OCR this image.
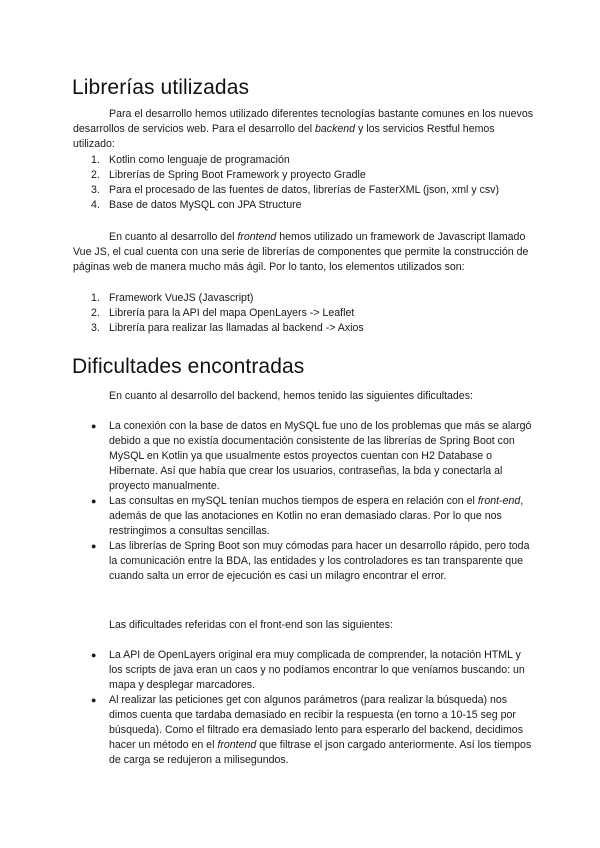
Librerías utilizadas

Para el desarrollo hemos utilizado diferentes tecnologías bastante comunes en los nuevos desarrollos de servicios web. Para el desarrollo del backend y los servicios Restful hemos utilizado:

1. Kotlin como lenguaje de programación
2. Librerías de Spring Boot Framework y proyecto Gradle
3. Para el procesado de las fuentes de datos, librerías de FasterXML (json, xml y csv)
4. Base de datos MySQL con JPA Structure

En cuanto al desarrollo del frontend hemos utilizado un framework de Javascript llamado Vue JS, el cual cuenta con una serie de librerías de componentes que permite la construcción de páginas web de manera mucho más ágil. Por lo tanto, los elementos utilizados son:

1. Framework VueJS (Javascript)
2. Librería para la API del mapa OpenLayers -> Leaflet
3. Librería para realizar las llamadas al backend -> Axios
Dificultades encontradas

En cuanto al desarrollo del backend, hemos tenido las siguientes dificultades:

● La conexión con la base de datos en MySQL fue uno de los problemas que más se alargó debido a que no existía documentación consistente de las librerías de Spring Boot con MySQL en Kotlin ya que usualmente estos proyectos cuentan con H2 Database o Hibernate. Así que había que crear los usuarios, contraseñas, la bda y conectarla al proyecto manualmente.
● Las consultas en mySQL tenían muchos tiempos de espera en relación con el front-end, además de que las anotaciones en Kotlin no eran demasiado claras. Por lo que nos restringimos a consultas sencillas.
● Las librerías de Spring Boot son muy cómodas para hacer un desarrollo rápido, pero toda la comunicación entre la BDA, las entidades y los controladores es tan transparente que cuando salta un error de ejecución es casi un milagro encontrar el error.

Las dificultades referidas con el front-end son las siguientes:

● La API de OpenLayers original era muy complicada de comprender, la notación HTML y los scripts de java eran un caos y no podíamos encontrar lo que veníamos buscando: un mapa y desplegar marcadores.
● Al realizar las peticiones get con algunos parámetros (para realizar la búsqueda) nos dimos cuenta que tardaba demasiado en recibir la respuesta (en torno a 10-15 seg por búsqueda). Como el filtrado era demasiado lento para esperarlo del backend, decidimos hacer un método en el frontend que filtrase el json cargado anteriormente. Así los tiempos de carga se redujeron a milisegundos.
